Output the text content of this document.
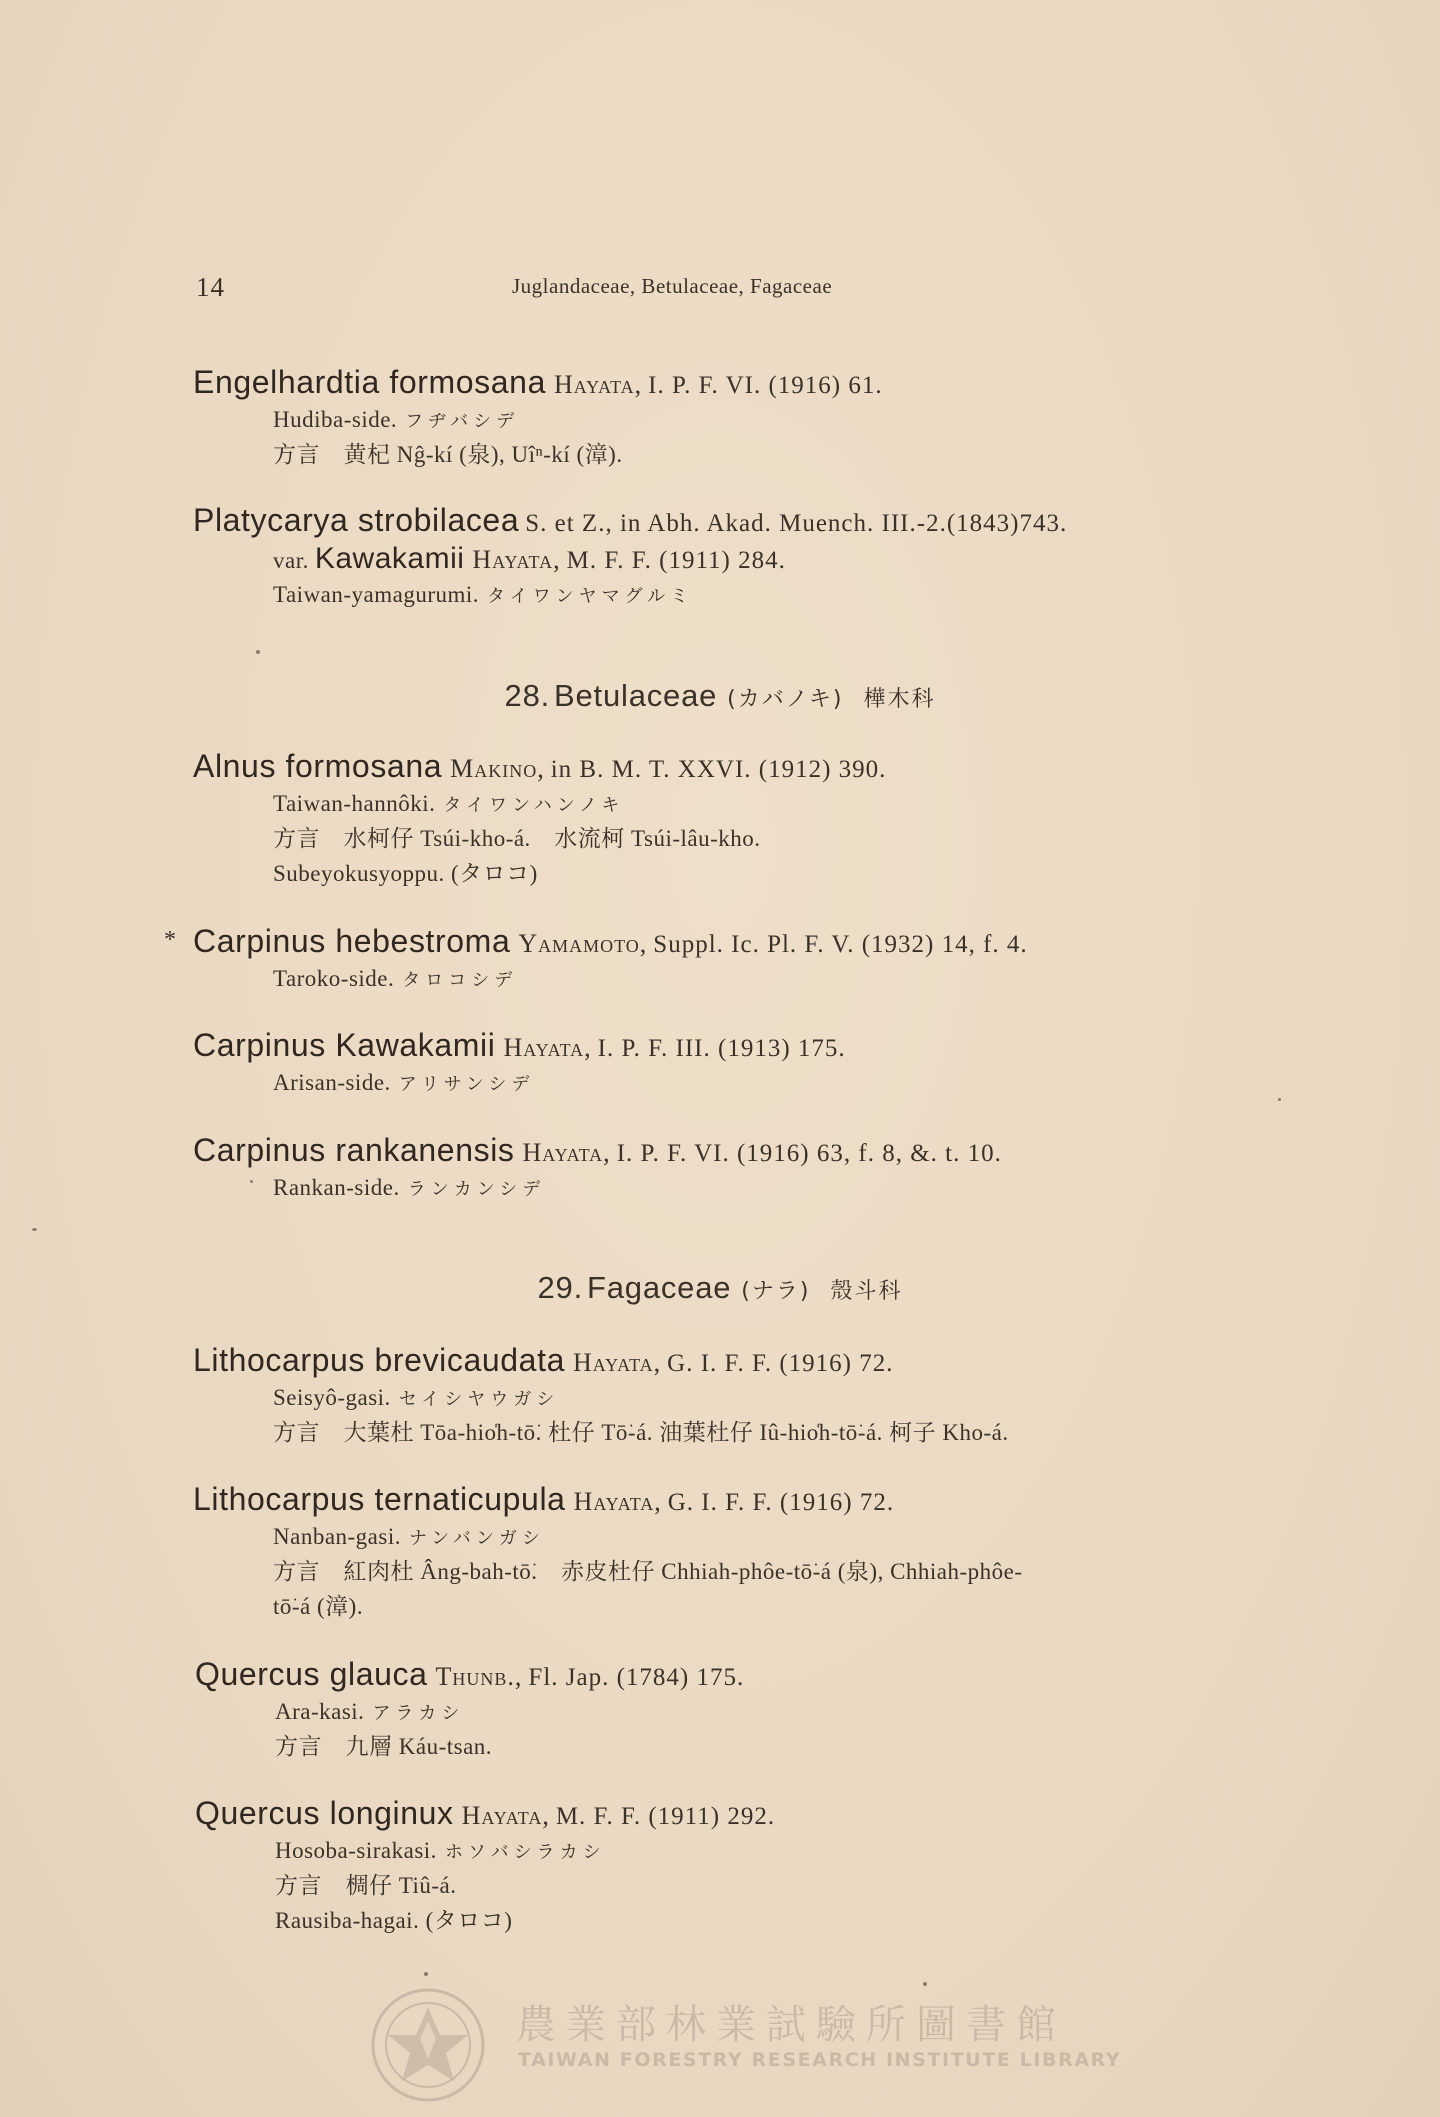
14	Juglandaceae, Betulaceae, Fagaceae
Engelhardtia formosana Hayata, I. P. F. VI. (1916) 61.
Hudiba-side. フヂバシデ
方言　黄杞 Nĝ-kí (泉), Uîⁿ-kí (漳).
Platycarya strobilacea S. et Z., in Abh. Akad. Muench. III.-2.(1843)743.
var. Kawakamii Hayata, M. F. F. (1911) 284.
Taiwan-yamagurumi. タイワンヤマグルミ
28. Betulaceae (カバノキ) 樺木科
Alnus formosana Makino, in B. M. T. XXVI. (1912) 390.
Taiwan-hannôki. タイワンハンノキ
方言　水柯仔 Tsúi-kho-á.　水流柯 Tsúi-lâu-kho.
Subeyokusyoppu. (タロコ)
* Carpinus hebestroma Yamamoto, Suppl. Ic. Pl. F. V. (1932) 14, f. 4.
Taroko-side. タロコシデ
Carpinus Kawakamii Hayata, I. P. F. III. (1913) 175.
Arisan-side. アリサンシデ
Carpinus rankanensis Hayata, I. P. F. VI. (1916) 63, f. 8, &. t. 10.
Rankan-side. ランカンシデ
29. Fagaceae (ナラ) 殼斗科
Lithocarpus brevicaudata Hayata, G. I. F. F. (1916) 72.
Seisyô-gasi. セイシヤウガシ
方言　大葉杜 Tōa-hio̍h-tō͘. 杜仔 Tō͘-á. 油葉杜仔 Iû-hio̍h-tō͘-á. 柯子 Kho-á.
Lithocarpus ternaticupula Hayata, G. I. F. F. (1916) 72.
Nanban-gasi. ナンバンガシ
方言　紅肉杜 Âng-bah-tō͘.　赤皮杜仔 Chhiah-phôe-tō͘-á (泉), Chhiah-phôe-
tō͘-á (漳).
Quercus glauca Thunb., Fl. Jap. (1784) 175.
Ara-kasi. アラカシ
方言　九層 Káu-tsan.
Quercus longinux Hayata, M. F. F. (1911) 292.
Hosoba-sirakasi. ホソバシラカシ
方言　椆仔 Tiû-á.
Rausiba-hagai. (タロコ)
農業部林業試驗所圖書館
TAIWAN FORESTRY RESEARCH INSTITUTE LIBRARY
